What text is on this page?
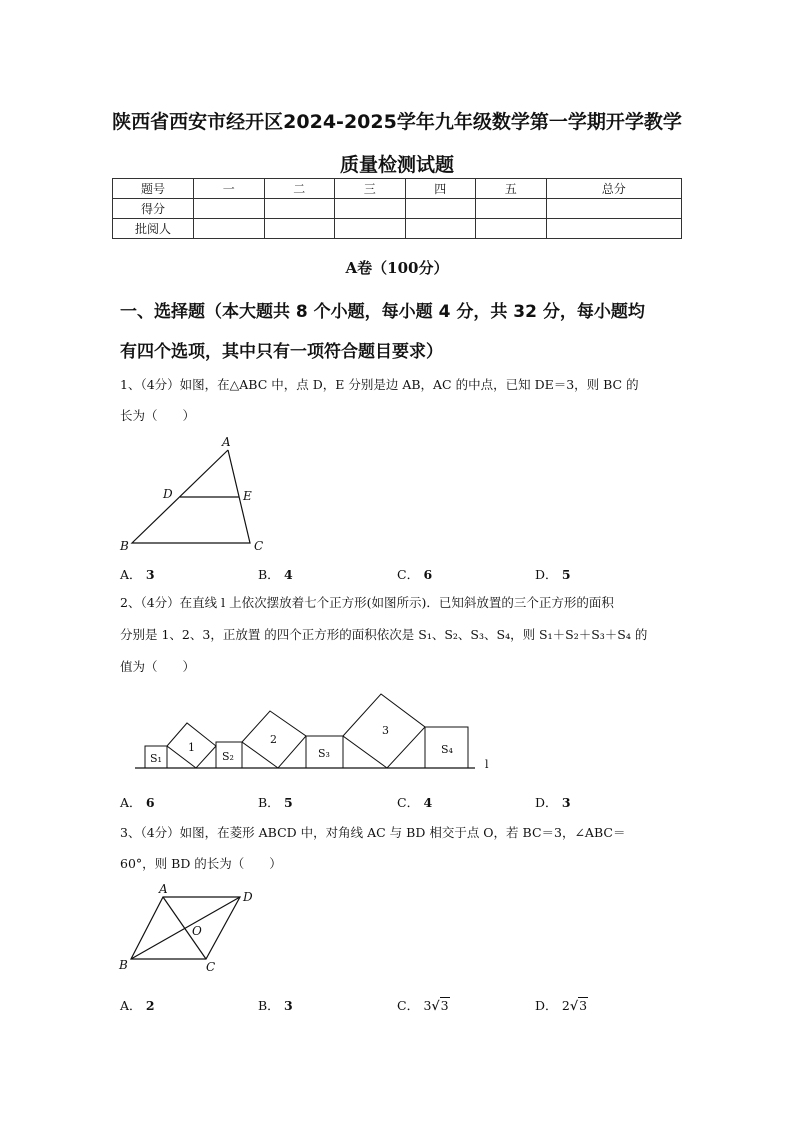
陕西省西安市经开区2024-2025学年九年级数学第一学期开学教学
质量检测试题
题号	一	二	三	四	五	总分
得分						
批阅人						
A卷（100分）
一、选择题（本大题共 8 个小题，每小题 4 分，共 32 分，每小题均
有四个选项，其中只有一项符合题目要求）
1、（4分）如图，在△ABC 中，点 D，E 分别是边 AB，AC 的中点，已知 DE＝3，则 BC 的
长为（　　）
A
D	E
B	C
A． 3	B． 4	C． 6	D． 5
2、（4分）在直线 l 上依次摆放着七个正方形(如图所示)．已知斜放置的三个正方形的面积
分别是 1、2、3，正放置 的四个正方形的面积依次是 S₁、S₂、S₃、S₄，则 S₁＋S₂＋S₃＋S₄ 的
值为（　　）
S₁
1
S₂
2
S₃
3
S₄
l
A． 6	B． 5	C． 4	D． 3
3、（4分）如图，在菱形 ABCD 中，对角线 AC 与 BD 相交于点 O，若 BC＝3，∠ABC＝
60°，则 BD 的长为（　　）
A
D
O
B	C
A． 2	B． 3	C． 3√3	D． 2√3
